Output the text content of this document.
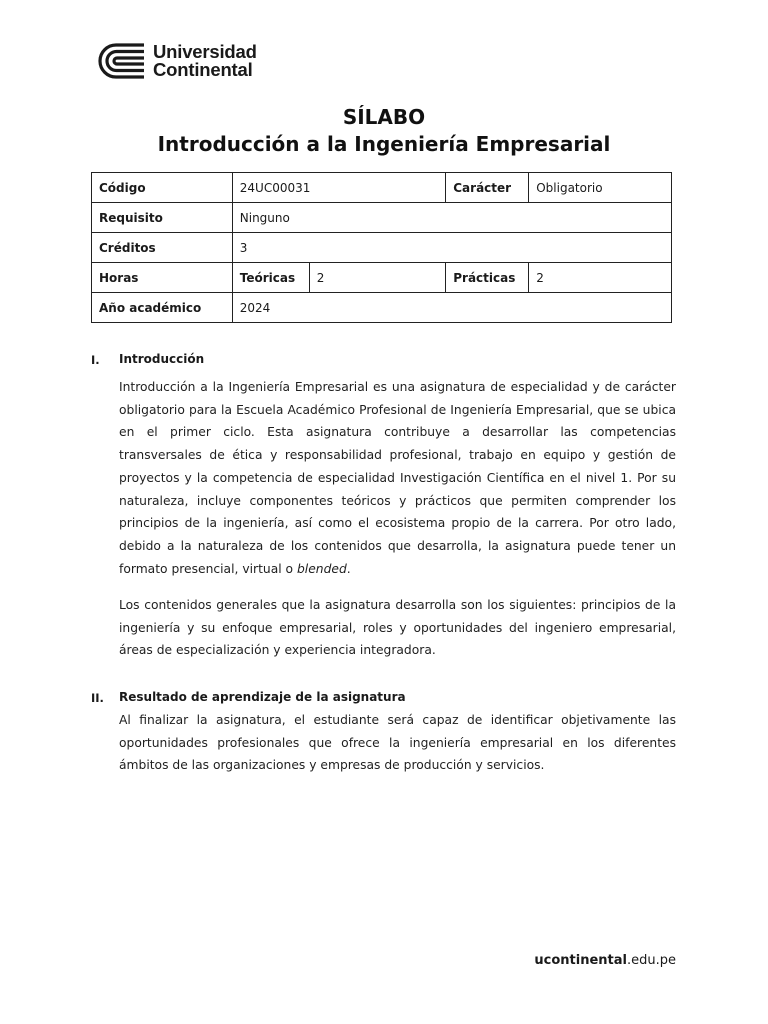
Universidad
Continental
SÍLABO
Introducción a la Ingeniería Empresarial
Código	24UC00031		Carácter	Obligatorio
Requisito	Ninguno			
Créditos	3			
Horas	Teóricas	2	Prácticas	2
Año académico	2024			
I. Introducción
Introducción a la Ingeniería Empresarial es una asignatura de especialidad y de carácter obligatorio para la Escuela Académico Profesional de Ingeniería Empresarial, que se ubica en el primer ciclo. Esta asignatura contribuye a desarrollar las competencias transversales de ética y responsabilidad profesional, trabajo en equipo y gestión de proyectos y la competencia de especialidad Investigación Científica en el nivel 1. Por su naturaleza, incluye componentes teóricos y prácticos que permiten comprender los principios de la ingeniería, así como el ecosistema propio de la carrera. Por otro lado, debido a la naturaleza de los contenidos que desarrolla, la asignatura puede tener un formato presencial, virtual o blended.
Los contenidos generales que la asignatura desarrolla son los siguientes: principios de la ingeniería y su enfoque empresarial, roles y oportunidades del ingeniero empresarial, áreas de especialización y experiencia integradora.
II. Resultado de aprendizaje de la asignatura
Al finalizar la asignatura, el estudiante será capaz de identificar objetivamente las oportunidades profesionales que ofrece la ingeniería empresarial en los diferentes ámbitos de las organizaciones y empresas de producción y servicios.
ucontinental.edu.pe
